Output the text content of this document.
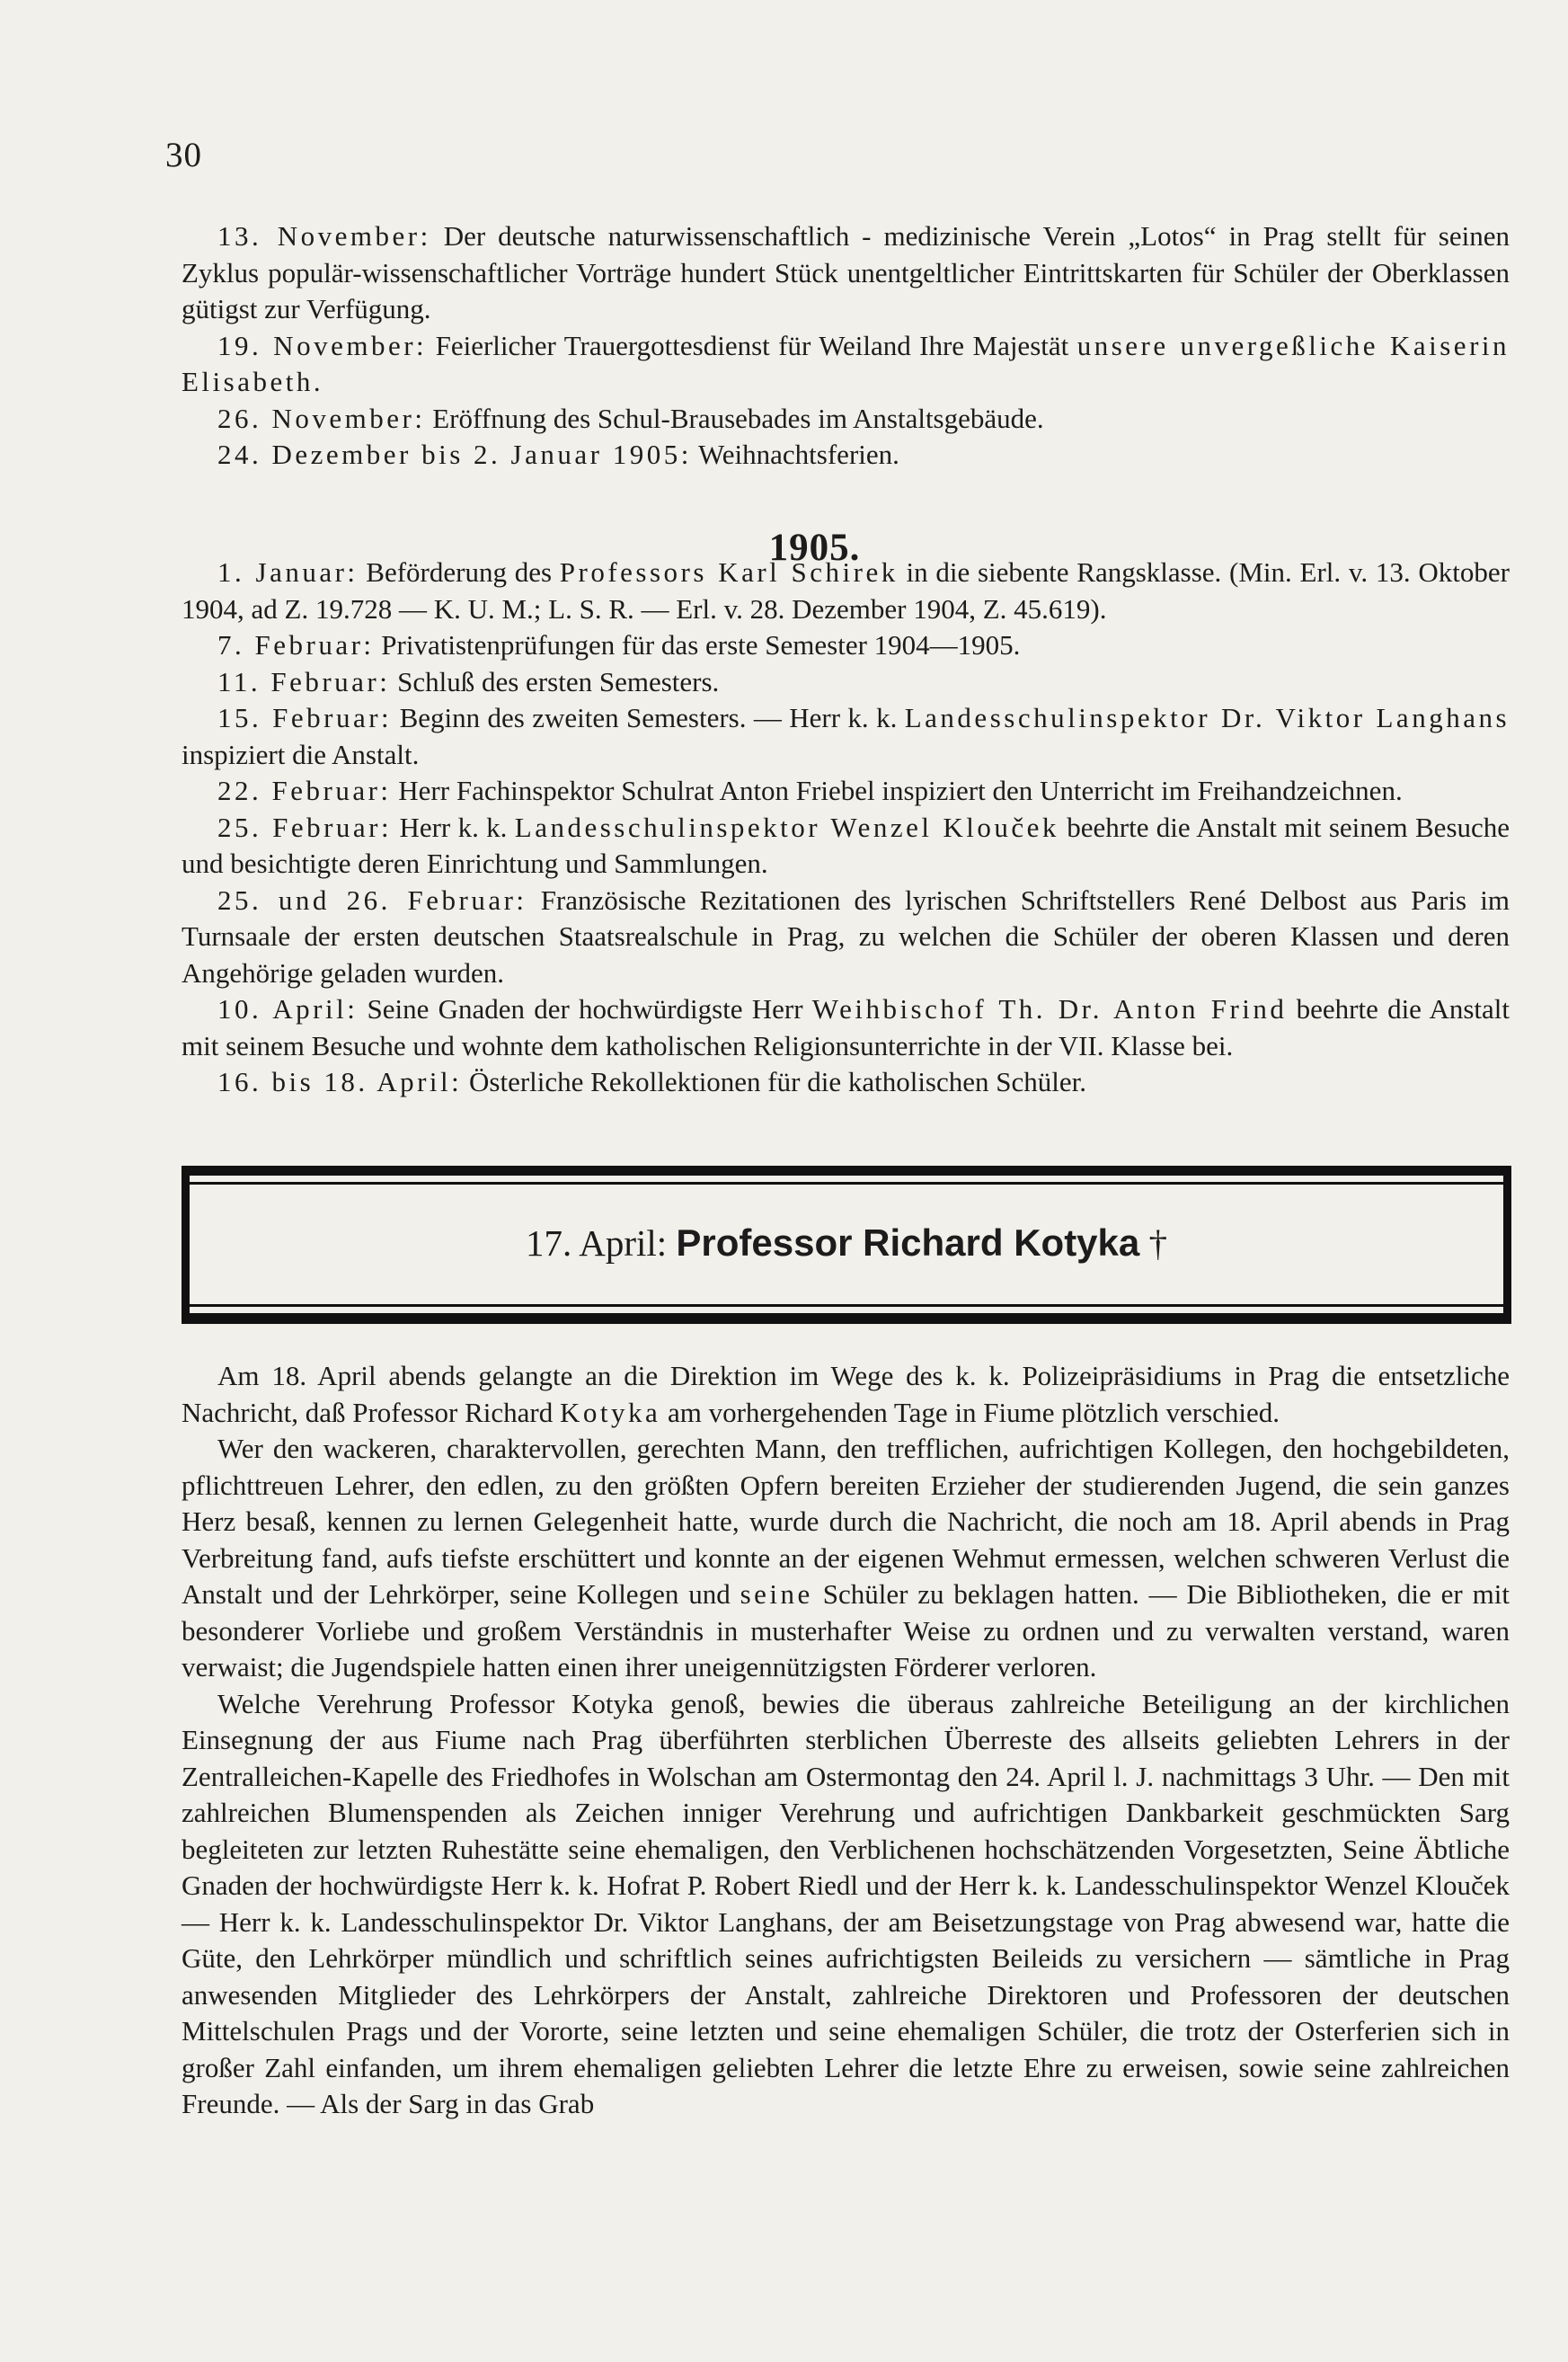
30

13. November: Der deutsche naturwissenschaftlich - medizinische Verein „Lotos“ in Prag stellt für seinen Zyklus populär-wissenschaftlicher Vorträge hundert Stück unentgeltlicher Eintrittskarten für Schüler der Oberklassen gütigst zur Verfügung.

19. November: Feierlicher Trauergottesdienst für Weiland Ihre Majestät unsere unvergeßliche Kaiserin Elisabeth.

26. November: Eröffnung des Schul-Brausebades im Anstaltsgebäude.

24. Dezember bis 2. Januar 1905: Weihnachtsferien.

1905.

1. Januar: Beförderung des Professors Karl Schirek in die siebente Rangsklasse. (Min. Erl. v. 13. Oktober 1904, ad Z. 19.728 — K. U. M.; L. S. R. — Erl. v. 28. Dezember 1904, Z. 45.619).

7. Februar: Privatistenprüfungen für das erste Semester 1904—1905.

11. Februar: Schluß des ersten Semesters.

15. Februar: Beginn des zweiten Semesters. — Herr k. k. Landesschulinspektor Dr. Viktor Langhans inspiziert die Anstalt.

22. Februar: Herr Fachinspektor Schulrat Anton Friebel inspiziert den Unterricht im Freihandzeichnen.

25. Februar: Herr k. k. Landesschulinspektor Wenzel Klouček beehrte die Anstalt mit seinem Besuche und besichtigte deren Einrichtung und Sammlungen.

25. und 26. Februar: Französische Rezitationen des lyrischen Schriftstellers René Delbost aus Paris im Turnsaale der ersten deutschen Staatsrealschule in Prag, zu welchen die Schüler der oberen Klassen und deren Angehörige geladen wurden.

10. April: Seine Gnaden der hochwürdigste Herr Weihbischof Th. Dr. Anton Frind beehrte die Anstalt mit seinem Besuche und wohnte dem katholischen Religionsunterrichte in der VII. Klasse bei.

16. bis 18. April: Österliche Rekollektionen für die katholischen Schüler.

17. April: Professor Richard Kotyka †

Am 18. April abends gelangte an die Direktion im Wege des k. k. Polizeipräsidiums in Prag die entsetzliche Nachricht, daß Professor Richard Kotyka am vorhergehenden Tage in Fiume plötzlich verschied.

Wer den wackeren, charaktervollen, gerechten Mann, den trefflichen, aufrichtigen Kollegen, den hochgebildeten, pflichttreuen Lehrer, den edlen, zu den größten Opfern bereiten Erzieher der studierenden Jugend, die sein ganzes Herz besaß, kennen zu lernen Gelegenheit hatte, wurde durch die Nachricht, die noch am 18. April abends in Prag Verbreitung fand, aufs tiefste erschüttert und konnte an der eigenen Wehmut ermessen, welchen schweren Verlust die Anstalt und der Lehrkörper, seine Kollegen und seine Schüler zu beklagen hatten. — Die Bibliotheken, die er mit besonderer Vorliebe und großem Verständnis in musterhafter Weise zu ordnen und zu verwalten verstand, waren verwaist; die Jugendspiele hatten einen ihrer uneigennützigsten Förderer verloren.

Welche Verehrung Professor Kotyka genoß, bewies die überaus zahlreiche Beteiligung an der kirchlichen Einsegnung der aus Fiume nach Prag überführten sterblichen Überreste des allseits geliebten Lehrers in der Zentralleichen-Kapelle des Friedhofes in Wolschan am Ostermontag den 24. April l. J. nachmittags 3 Uhr. — Den mit zahlreichen Blumenspenden als Zeichen inniger Verehrung und aufrichtigen Dankbarkeit geschmückten Sarg begleiteten zur letzten Ruhestätte seine ehemaligen, den Verblichenen hochschätzenden Vorgesetzten, Seine Äbtliche Gnaden der hochwürdigste Herr k. k. Hofrat P. Robert Riedl und der Herr k. k. Landesschulinspektor Wenzel Klouček — Herr k. k. Landesschulinspektor Dr. Viktor Langhans, der am Beisetzungstage von Prag abwesend war, hatte die Güte, den Lehrkörper mündlich und schriftlich seines aufrichtigsten Beileids zu versichern — sämtliche in Prag anwesenden Mitglieder des Lehrkörpers der Anstalt, zahlreiche Direktoren und Professoren der deutschen Mittelschulen Prags und der Vororte, seine letzten und seine ehemaligen Schüler, die trotz der Osterferien sich in großer Zahl einfanden, um ihrem ehemaligen geliebten Lehrer die letzte Ehre zu erweisen, sowie seine zahlreichen Freunde. — Als der Sarg in das Grab
